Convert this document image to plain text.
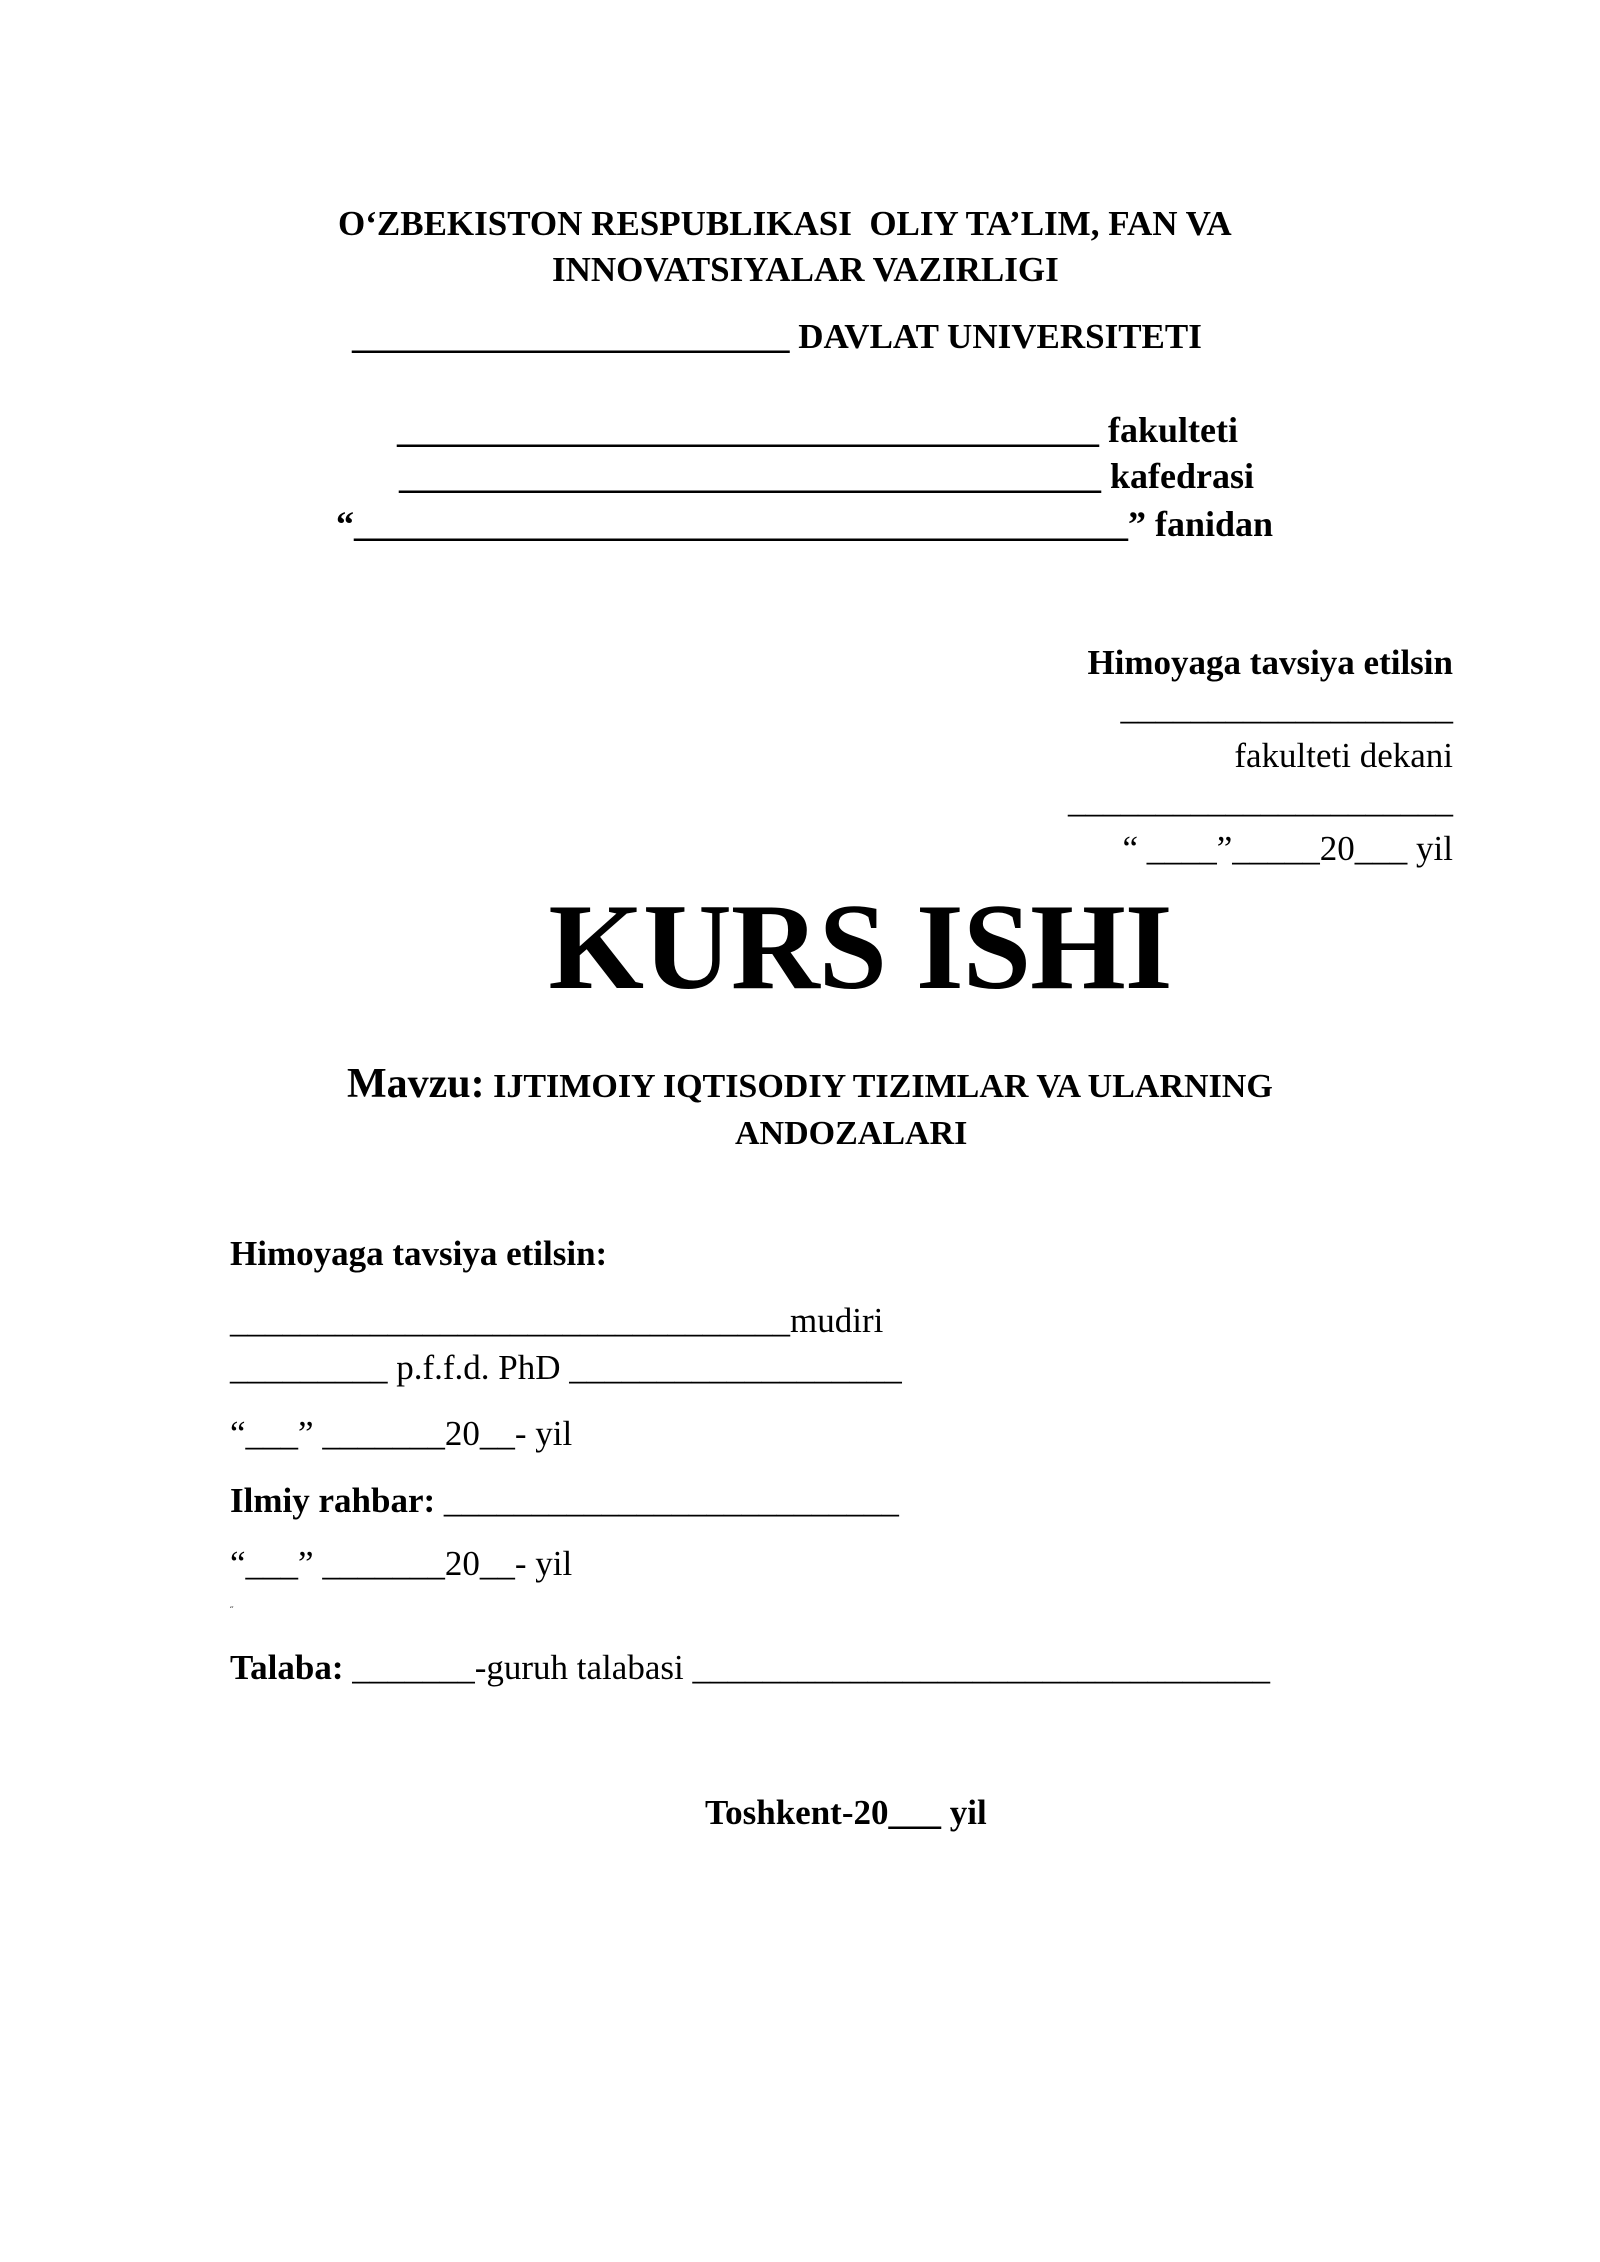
O‘ZBEKISTON RESPUBLIKASI  OLIY TA’LIM, FAN VA
INNOVATSIYALAR VAZIRLIGI
_________________________ DAVLAT UNIVERSITETI
_______________________________________ fakulteti
_______________________________________ kafedrasi
“___________________________________________” fanidan
Himoyaga tavsiya etilsin
___________________
fakulteti dekani
______________________
“ ____”_____20___ yil
KURS ISHI
Mavzu: IJTIMOIY IQTISODIY TIZIMLAR VA ULARNING
ANDOZALARI
Himoyaga tavsiya etilsin:
________________________________mudiri
_________ p.f.f.d. PhD ___________________
“___” _______20__- yil
Ilmiy rahbar: __________________________
“___” _______20__- yil
˝
Talaba: _______-guruh talabasi _________________________________
Toshkent-20___ yil
